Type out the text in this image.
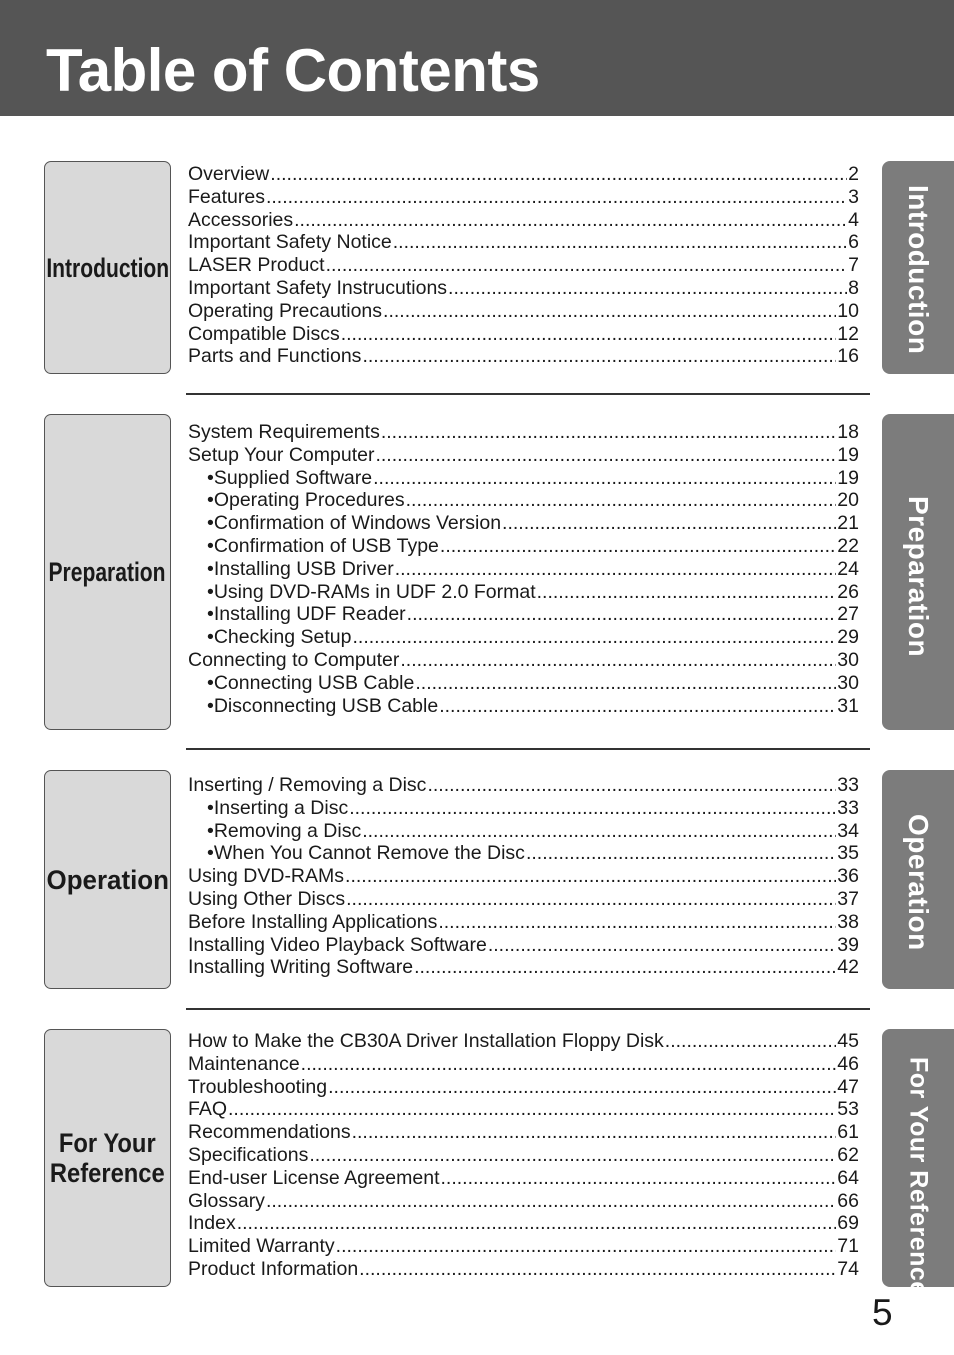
Table of Contents
Introduction
Preparation
Operation
For Your
Reference
Overview .....	2
Features .....	3
Accessories .....	4
Important Safety Notice .....	6
LASER Product .....	7
Important Safety Instrucutions .....	8
Operating Precautions .....	10
Compatible Discs .....	12
Parts and Functions .....	16
System Requirements .....	18
Setup Your Computer .....	19
• Supplied Software .....	19
• Operating Procedures .....	20
• Confirmation of Windows Version .....	21
• Confirmation of USB Type .....	22
• Installing USB Driver .....	24
• Using DVD-RAMs in UDF 2.0 Format .....	26
• Installing UDF Reader .....	27
• Checking Setup .....	29
Connecting to Computer .....	30
• Connecting USB Cable .....	30
• Disconnecting USB Cable .....	31
Inserting / Removing a Disc .....	33
• Inserting a Disc .....	33
• Removing a Disc .....	34
• When You Cannot Remove the Disc .....	35
Using DVD-RAMs .....	36
Using Other Discs .....	37
Before Installing Applications .....	38
Installing Video Playback Software .....	39
Installing Writing Software .....	42
How to Make the CB30A Driver Installation Floppy Disk .....	45
Maintenance .....	46
Troubleshooting .....	47
FAQ .....	53
Recommendations .....	61
Specifications .....	62
End-user License Agreement .....	64
Glossary .....	66
Index .....	69
Limited Warranty .....	71
Product Information .....	74
Introduction
Preparation
Operation
For Your Reference
5
